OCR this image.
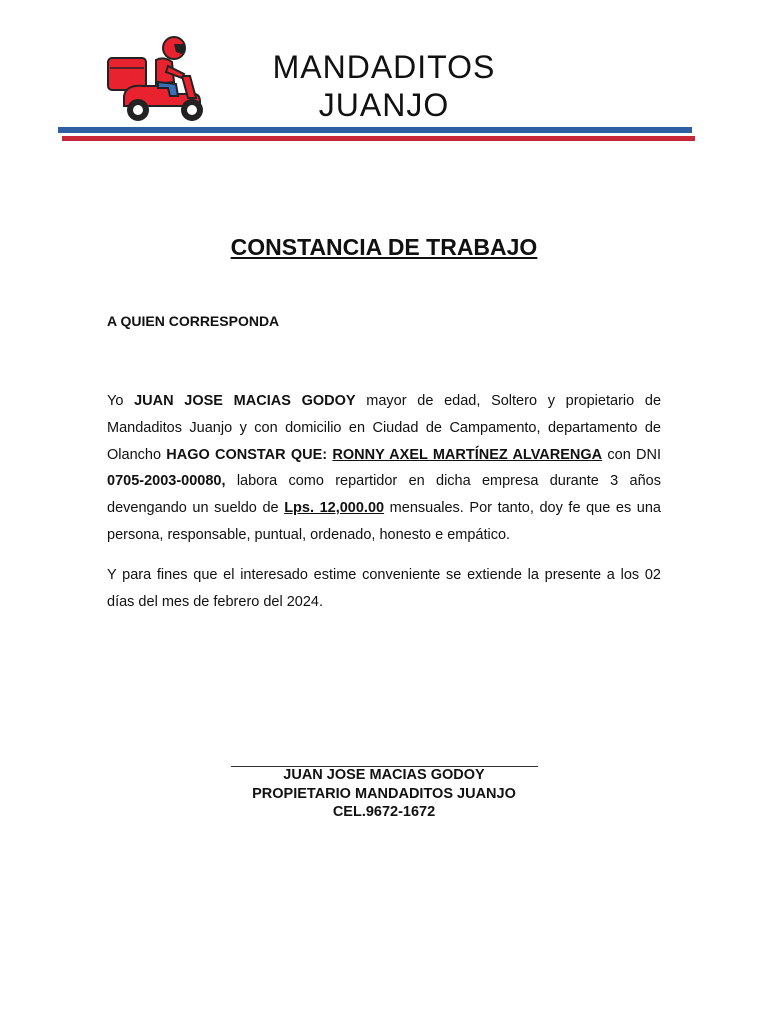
MANDADITOS
JUANJO
CONSTANCIA DE TRABAJO
A QUIEN CORRESPONDA

Yo JUAN JOSE MACIAS GODOY mayor de edad, Soltero y propietario de Mandaditos Juanjo y con domicilio en Ciudad de Campamento, departamento de Olancho HAGO CONSTAR QUE: RONNY AXEL MARTÍNEZ ALVARENGA con DNI 0705-2003-00080, labora como repartidor en dicha empresa durante 3 años devengando un sueldo de Lps. 12,000.00 mensuales. Por tanto, doy fe que es una persona, responsable, puntual, ordenado, honesto e empático.

Y para fines que el interesado estime conveniente se extiende la presente a los 02 días del mes de febrero del 2024.

JUAN JOSE MACIAS GODOY
PROPIETARIO MANDADITOS JUANJO
CEL.9672-1672
